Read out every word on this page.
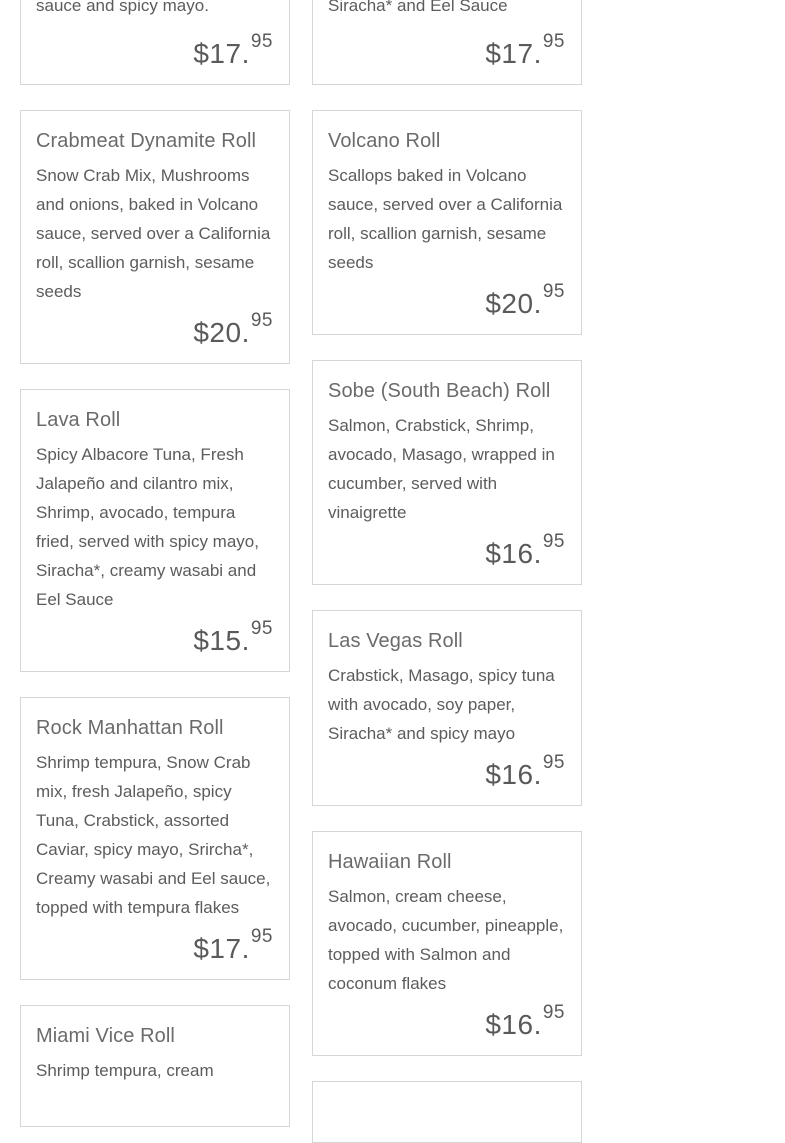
sauce and spicy mayo.
$17.95
Crabmeat Dynamite Roll
Snow Crab Mix, Mushrooms and onions, baked in Volcano sauce, served over a California roll, scallion garnish, sesame seeds
$20.95
Lava Roll
Spicy Albacore Tuna, Fresh Jalapeño and cilantro mix, Shrimp, avocado, tempura fried, served with spicy mayo, Siracha*, creamy wasabi and Eel Sauce
$15.95
Rock Manhattan Roll
Shrimp tempura, Snow Crab mix, fresh Jalapeño, spicy Tuna, Crabstick, assorted Caviar, spicy mayo, Srircha*, Creamy wasabi and Eel sauce, topped with tempura flakes
$17.95
Miami Vice Roll
Shrimp tempura, cream
Siracha* and Eel Sauce
$17.95
Volcano Roll
Scallops baked in Volcano sauce, served over a California roll, scallion garnish, sesame seeds
$20.95
Sobe (South Beach) Roll
Salmon, Crabstick, Shrimp, avocado, Masago, wrapped in cucumber, served with vinaigrette
$16.95
Las Vegas Roll
Crabstick, Masago, spicy tuna with avocado, soy paper, Siracha* and spicy mayo
$16.95
Hawaiian Roll
Salmon, cream cheese, avocado, cucumber, pineapple, topped with Salmon and coconum flakes
$16.95
